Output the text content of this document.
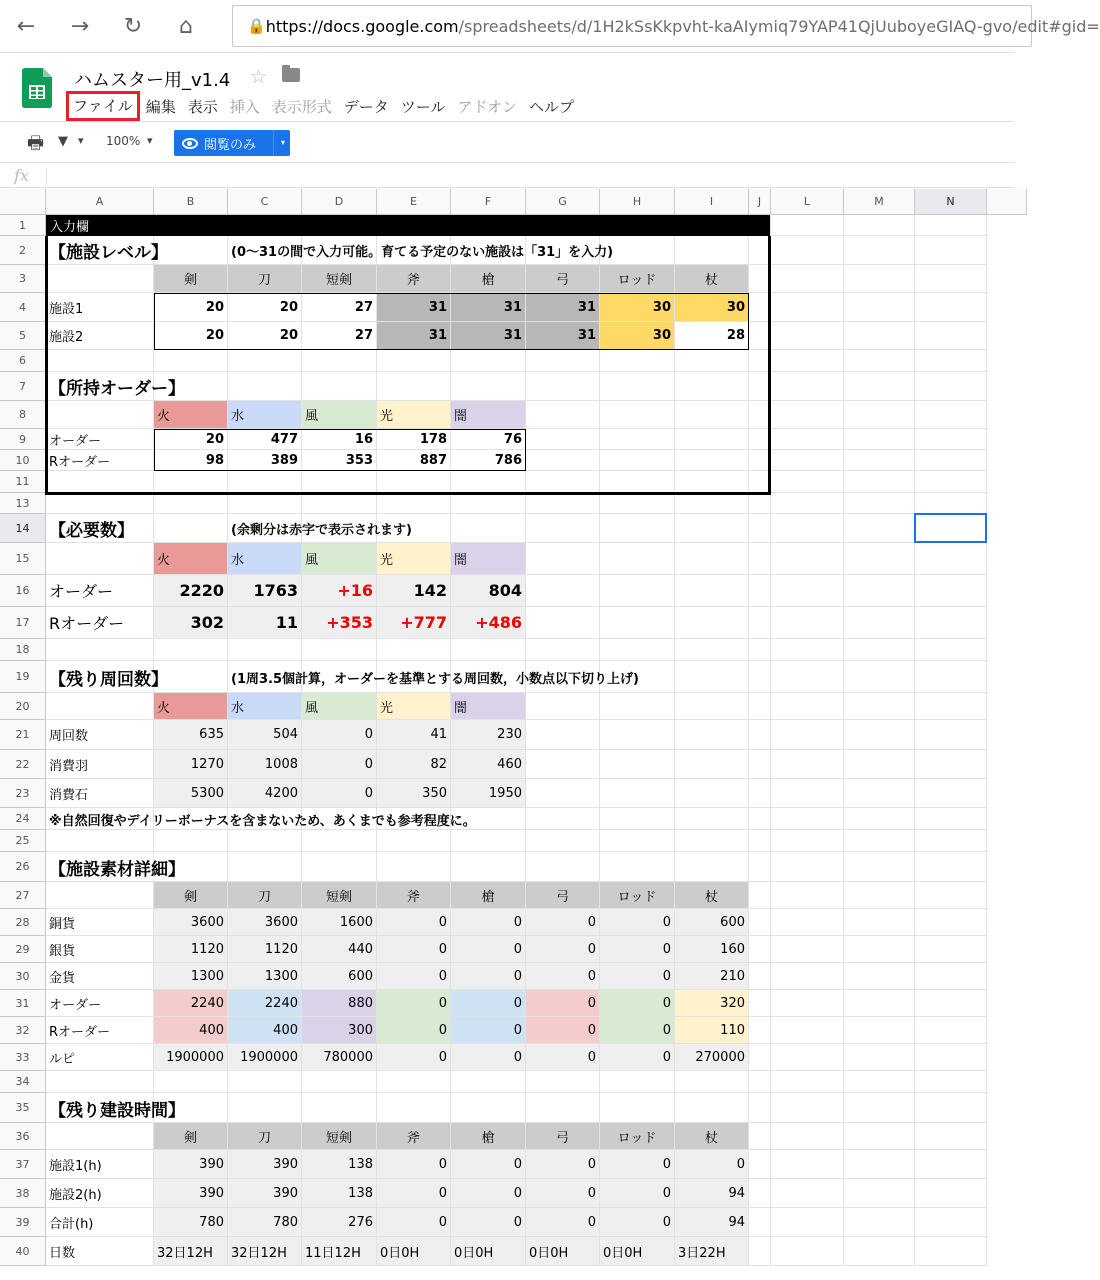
←	→	↻	⌂	🔒 https://docs.google.com /spreadsheets/d/1H2kSsKkpvht-kaAIymiq79YAP41QjUuboyeGIAQ-gvo/edit#gid=
ハムスター用_v1.4 ☆
ファイル 編集 表示 挿入 表示形式 データ ツール アドオン ヘルプ
🖶 ▼ ▾ 100% ▾	閲覧のみ	▾
fx
A	B	C	D	E	F	G	H	I	J	L	M	N
1
2
3
4
5
6
7
8
9
10
11
13
14
15
16
17
18
19
20
21
22
23
24
25
26
27
28
29
30
31
32
33
34
35
36
37
38
39
40
入力欄
【施設レベル】	(0～31の間で入力可能。育てる予定のない施設は「31」を入力)
剣	刀	短剣	斧	槍	弓	ロッド	杖
施設1	20	20	27	31	31	31	30	30
施設2	20	20	27	31	31	31	30	28
【所持オーダー】
火	水	風	光	闇
オーダー	20	477	16	178	76
Rオーダー	98	389	353	887	786
【必要数】	(余剰分は赤字で表示されます)
火	水	風	光	闇
オーダー	2220	1763	+16	142	804
Rオーダー	302	11	+353	+777	+486
【残り周回数】	(1周3.5個計算，オーダーを基準とする周回数，小数点以下切り上げ)
火	水	風	光	闇
周回数	635	504	0	41	230
消費羽	1270	1008	0	82	460
消費石	5300	4200	0	350	1950
※自然回復やデイリーボーナスを含まないため、あくまでも参考程度に。
【施設素材詳細】
剣	刀	短剣	斧	槍	弓	ロッド	杖
銅貨	3600	3600	1600	0	0	0	0	600
銀貨	1120	1120	440	0	0	0	0	160
金貨	1300	1300	600	0	0	0	0	210
オーダー	2240	2240	880	0	0	0	0	320
Rオーダー	400	400	300	0	0	0	0	110
ルピ	1900000	1900000	780000	0	0	0	0	270000
【残り建設時間】
剣	刀	短剣	斧	槍	弓	ロッド	杖
施設1(h)	390	390	138	0	0	0	0	0
施設2(h)	390	390	138	0	0	0	0	94
合計(h)	780	780	276	0	0	0	0	94
日数	32日12H	32日12H	11日12H	0日0H	0日0H	0日0H	0日0H	3日22H
